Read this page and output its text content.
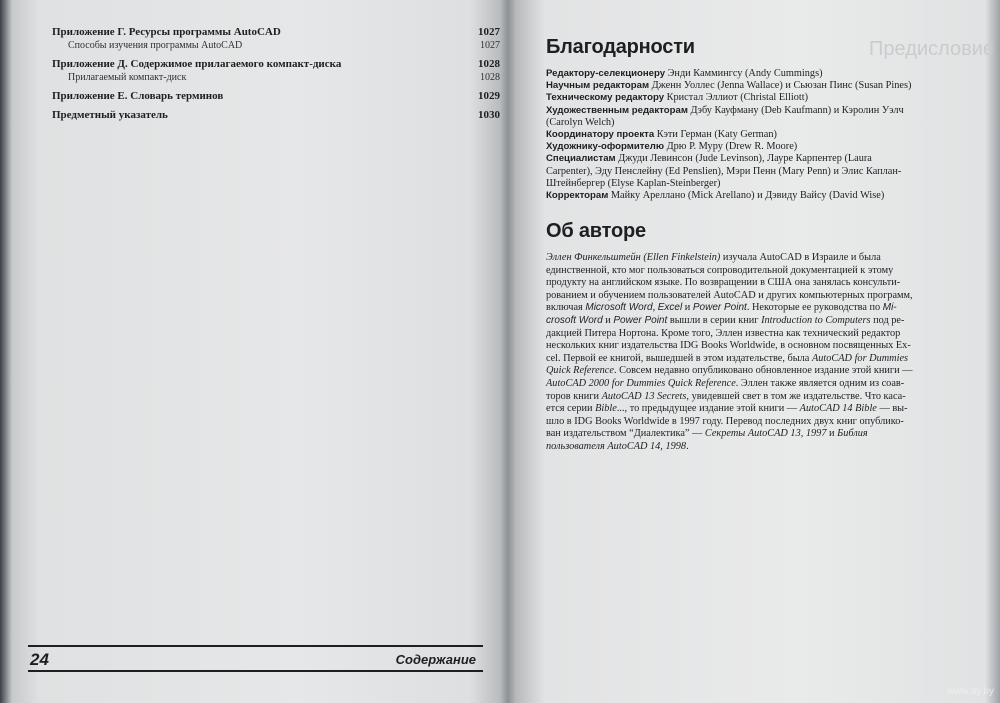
Приложение Г. Ресурсы программы AutoCAD	1027
Способы изучения программы AutoCAD	1027
Приложение Д. Содержимое прилагаемого компакт-диска	1028
Прилагаемый компакт-диск	1028
Приложение Е. Словарь терминов	1029
Предметный указатель	1030
24	Содержание
Благодарности
Редактору-селекционеру Энди Каммингсу (Andy Cummings)
Научным редакторам Дженн Уоллес (Jenna Wallace) и Сьюзан Пинс (Susan Pines)
Техническому редактору Кристал Эллиот (Christal Elliott)
Художественным редакторам Дэбу Кауфману (Deb Kaufmann) и Кэролин Уэлч
(Carolyn Welch)
Координатору проекта Кэти Герман (Katy German)
Художнику-оформителю Дрю Р. Муру (Drew R. Moore)
Специалистам Джуди Левинсон (Jude Levinson), Лауре Карпентер (Laura
Carpenter), Эду Пенслейну (Ed Penslien), Мэри Пенн (Mary Penn) и Элис Каплан-
Штейнбергер (Elyse Kaplan-Steinberger)
Корректорам Майку Ареллано (Mick Arellano) и Дэвиду Вайсу (David Wise)
Об авторе
Эллен Финкельштейн (Ellen Finkelstein) изучала AutoCAD в Израиле и была
единственной, кто мог пользоваться сопроводительной документацией к этому
продукту на английском языке. По возвращении в США она занялась консульти-
рованием и обучением пользователей AutoCAD и других компьютерных программ,
включая Microsoft Word, Excel и Power Point. Некоторые ее руководства по Mi-
crosoft Word и Power Point вышли в серии книг Introduction to Computers под ре-
дакцией Питера Нортона. Кроме того, Эллен известна как технический редактор
нескольких книг издательства IDG Books Worldwide, в основном посвященных Ex-
cel. Первой ее книгой, вышедшей в этом издательстве, была AutoCAD for Dummies
Quick Reference. Совсем недавно опубликовано обновленное издание этой книги —
AutoCAD 2000 for Dummies Quick Reference. Эллен также является одним из соав-
торов книги AutoCAD 13 Secrets, увидевшей свет в том же издательстве. Что каса-
ется серии Bible..., то предыдущее издание этой книги — AutoCAD 14 Bible — вы-
шло в IDG Books Worldwide в 1997 году. Перевод последних двух книг опублико-
ван издательством “Диалектика” — Секреты AutoCAD 13, 1997 и Библия
пользователя AutoCAD 14, 1998.
Предисловие
www.ay.by
